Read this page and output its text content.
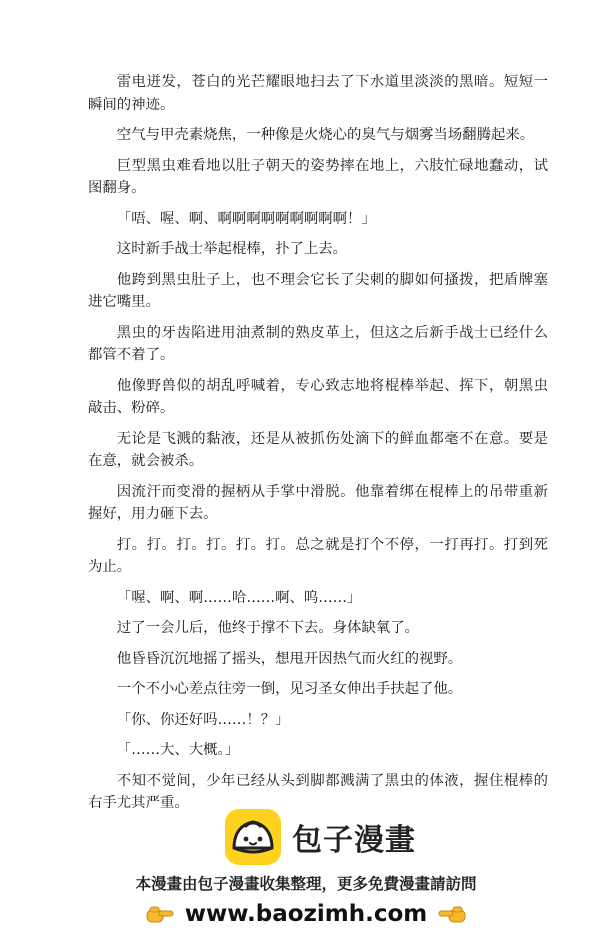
雷电迸发，苍白的光芒耀眼地扫去了下水道里淡淡的黑暗。短短一瞬间的神迹。

空气与甲壳素烧焦，一种像是火烧心的臭气与烟雾当场翻腾起来。

巨型黑虫难看地以肚子朝天的姿势摔在地上，六肢忙碌地蠢动，试图翻身。

「唔、喔、啊、啊啊啊啊啊啊啊啊啊！」

这时新手战士举起棍棒，扑了上去。

他跨到黑虫肚子上，也不理会它长了尖刺的脚如何搔拨，把盾牌塞进它嘴里。

黑虫的牙齿陷进用油煮制的熟皮革上，但这之后新手战士已经什么都管不着了。

他像野兽似的胡乱呼喊着，专心致志地将棍棒举起、挥下，朝黑虫敲击、粉碎。

无论是飞溅的黏液，还是从被抓伤处滴下的鲜血都毫不在意。要是在意，就会被杀。

因流汗而变滑的握柄从手掌中滑脱。他靠着绑在棍棒上的吊带重新握好，用力砸下去。

打。打。打。打。打。打。总之就是打个不停，一打再打。打到死为止。

「喔、啊、啊……哈……啊、呜……」

过了一会儿后，他终于撑不下去。身体缺氧了。

他昏昏沉沉地摇了摇头，想甩开因热气而火红的视野。

一个不小心差点往旁一倒，见习圣女伸出手扶起了他。

「你、你还好吗……！？」

「……大、大概。」

不知不觉间，少年已经从头到脚都溅满了黑虫的体液，握住棍棒的右手尤其严重。

包子漫畫
本漫畫由包子漫畫收集整理，更多免費漫畫請訪問
www.baozimh.com
